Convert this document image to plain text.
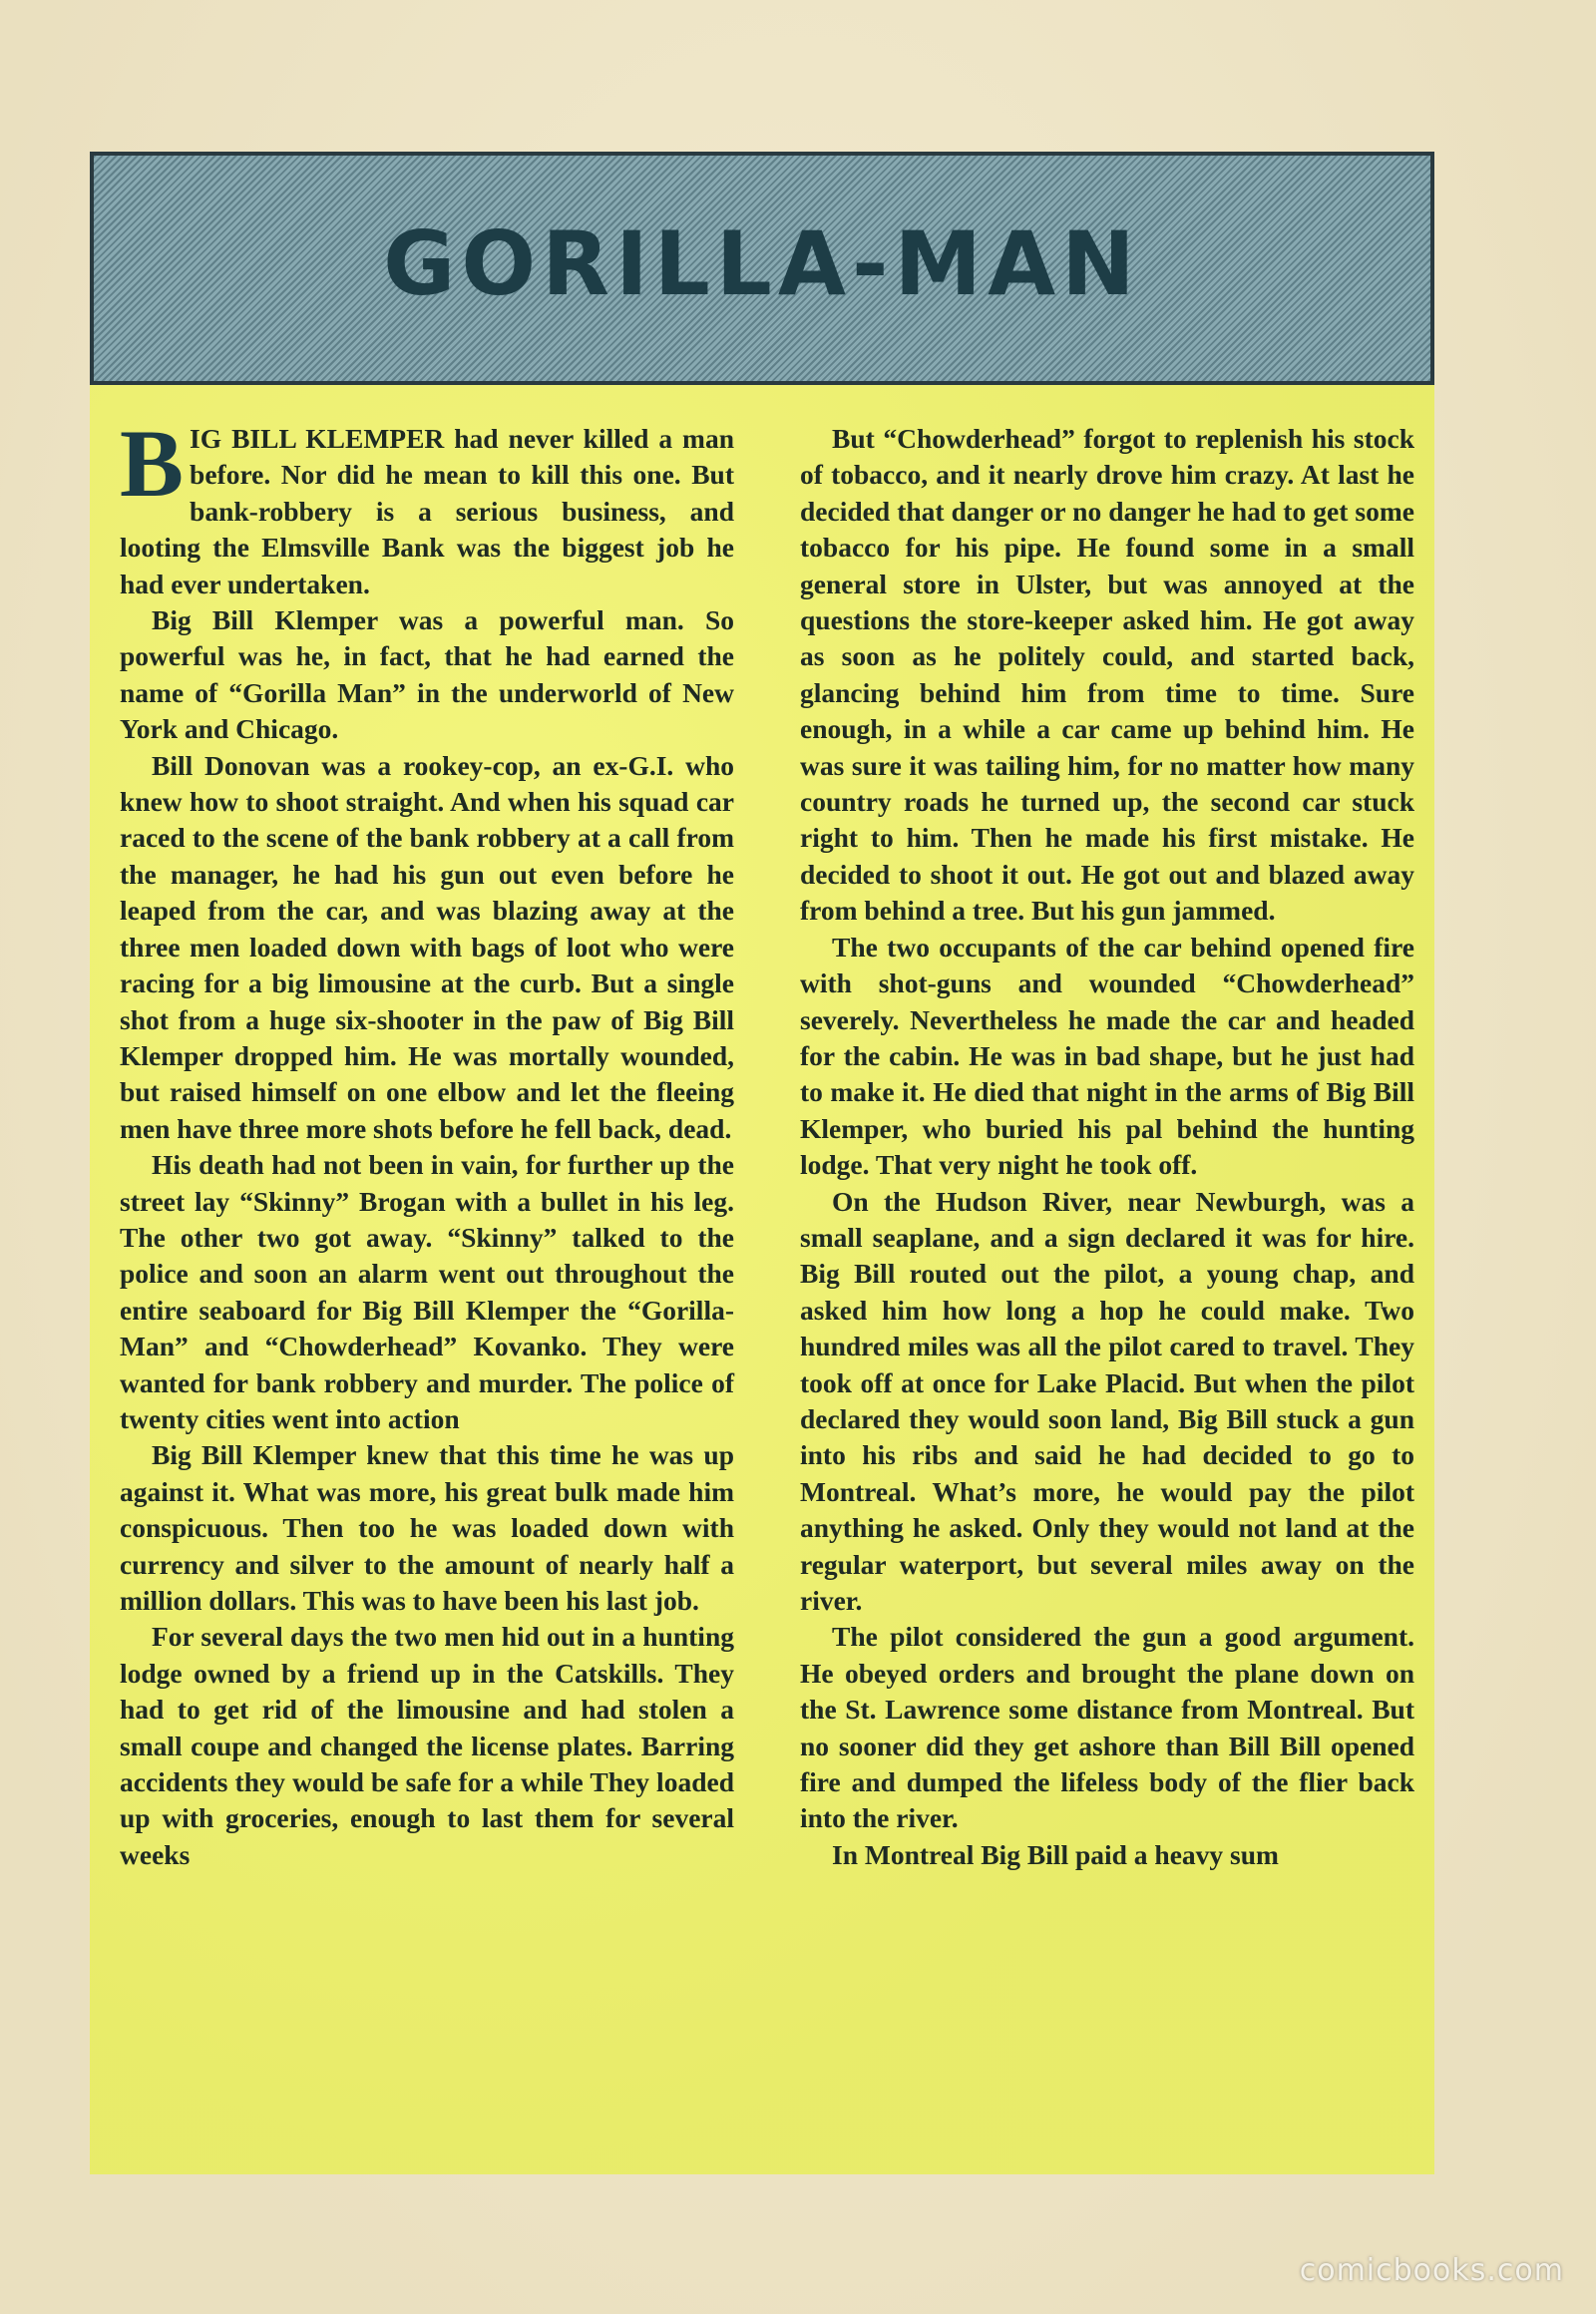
GORILLA-MAN

BIG BILL KLEMPER had never killed a man before. Nor did he mean to kill this one. But bank-robbery is a serious business, and looting the Elmsville Bank was the biggest job he had ever undertaken.

Big Bill Klemper was a powerful man. So powerful was he, in fact, that he had earned the name of “Gorilla Man” in the underworld of New York and Chicago.

Bill Donovan was a rookey-cop, an ex-G.I. who knew how to shoot straight. And when his squad car raced to the scene of the bank robbery at a call from the manager, he had his gun out even before he leaped from the car, and was blazing away at the three men loaded down with bags of loot who were racing for a big limousine at the curb. But a single shot from a huge six-shooter in the paw of Big Bill Klemper dropped him. He was mortally wounded, but raised himself on one elbow and let the fleeing men have three more shots before he fell back, dead.

His death had not been in vain, for further up the street lay “Skinny” Brogan with a bullet in his leg. The other two got away. “Skinny” talked to the police and soon an alarm went out throughout the entire seaboard for Big Bill Klemper the “Gorilla-Man” and “Chowderhead” Kovanko. They were wanted for bank robbery and murder. The police of twenty cities went into action

Big Bill Klemper knew that this time he was up against it. What was more, his great bulk made him conspicuous. Then too he was loaded down with currency and silver to the amount of nearly half a million dollars. This was to have been his last job.

For several days the two men hid out in a hunting lodge owned by a friend up in the Catskills. They had to get rid of the limousine and had stolen a small coupe and changed the license plates. Barring accidents they would be safe for a while They loaded up with groceries, enough to last them for several weeks

But “Chowderhead” forgot to replenish his stock of tobacco, and it nearly drove him crazy. At last he decided that danger or no danger he had to get some tobacco for his pipe. He found some in a small general store in Ulster, but was annoyed at the questions the store-keeper asked him. He got away as soon as he politely could, and started back, glancing behind him from time to time. Sure enough, in a while a car came up behind him. He was sure it was tailing him, for no matter how many country roads he turned up, the second car stuck right to him. Then he made his first mistake. He decided to shoot it out. He got out and blazed away from behind a tree. But his gun jammed.

The two occupants of the car behind opened fire with shot-guns and wounded “Chowderhead” severely. Nevertheless he made the car and headed for the cabin. He was in bad shape, but he just had to make it. He died that night in the arms of Big Bill Klemper, who buried his pal behind the hunting lodge. That very night he took off.

On the Hudson River, near Newburgh, was a small seaplane, and a sign declared it was for hire. Big Bill routed out the pilot, a young chap, and asked him how long a hop he could make. Two hundred miles was all the pilot cared to travel. They took off at once for Lake Placid. But when the pilot declared they would soon land, Big Bill stuck a gun into his ribs and said he had decided to go to Montreal. What’s more, he would pay the pilot anything he asked. Only they would not land at the regular waterport, but several miles away on the river.

The pilot considered the gun a good argument. He obeyed orders and brought the plane down on the St. Lawrence some distance from Montreal. But no sooner did they get ashore than Bill Bill opened fire and dumped the lifeless body of the flier back into the river.

In Montreal Big Bill paid a heavy sum

comicbooks.com
